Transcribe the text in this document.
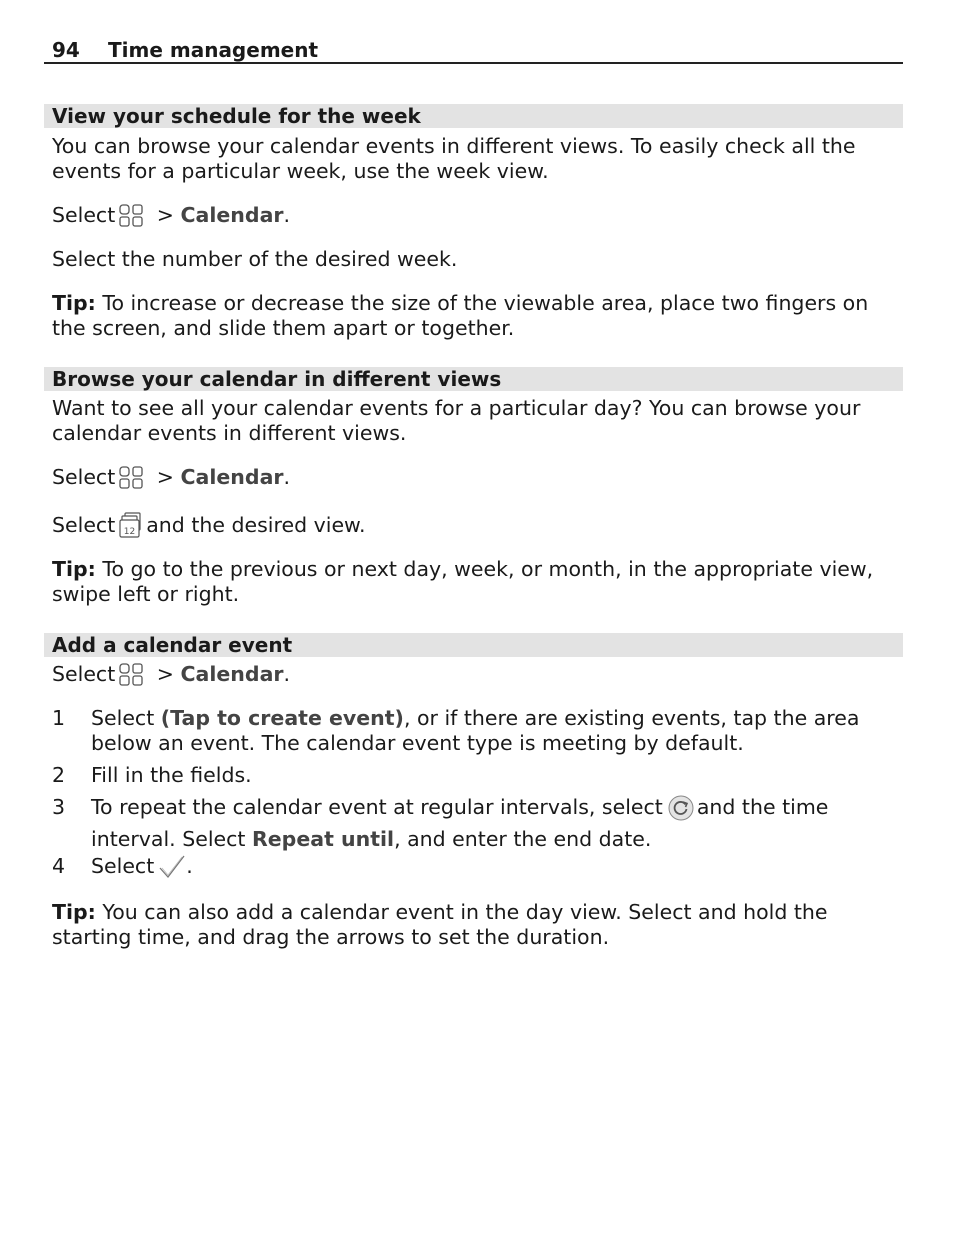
94 Time management
View your schedule for the week

You can browse your calendar events in different views. To easily check all the events for a particular week, use the week view.

Select > Calendar.

Select the number of the desired week.

Tip: To increase or decrease the size of the viewable area, place two fingers on the screen, and slide them apart or together.

Browse your calendar in different views

Want to see all your calendar events for a particular day? You can browse your calendar events in different views.

Select > Calendar.

Select 12 and the desired view.

Tip: To go to the previous or next day, week, or month, in the appropriate view, swipe left or right.

Add a calendar event

Select > Calendar.

1	Select (Tap to create event), or if there are existing events, tap the area below an event. The calendar event type is meeting by default.
2	Fill in the fields.
3	To repeat the calendar event at regular intervals, select and the time interval. Select Repeat until, and enter the end date.
4	Select .

Tip: You can also add a calendar event in the day view. Select and hold the starting time, and drag the arrows to set the duration.
